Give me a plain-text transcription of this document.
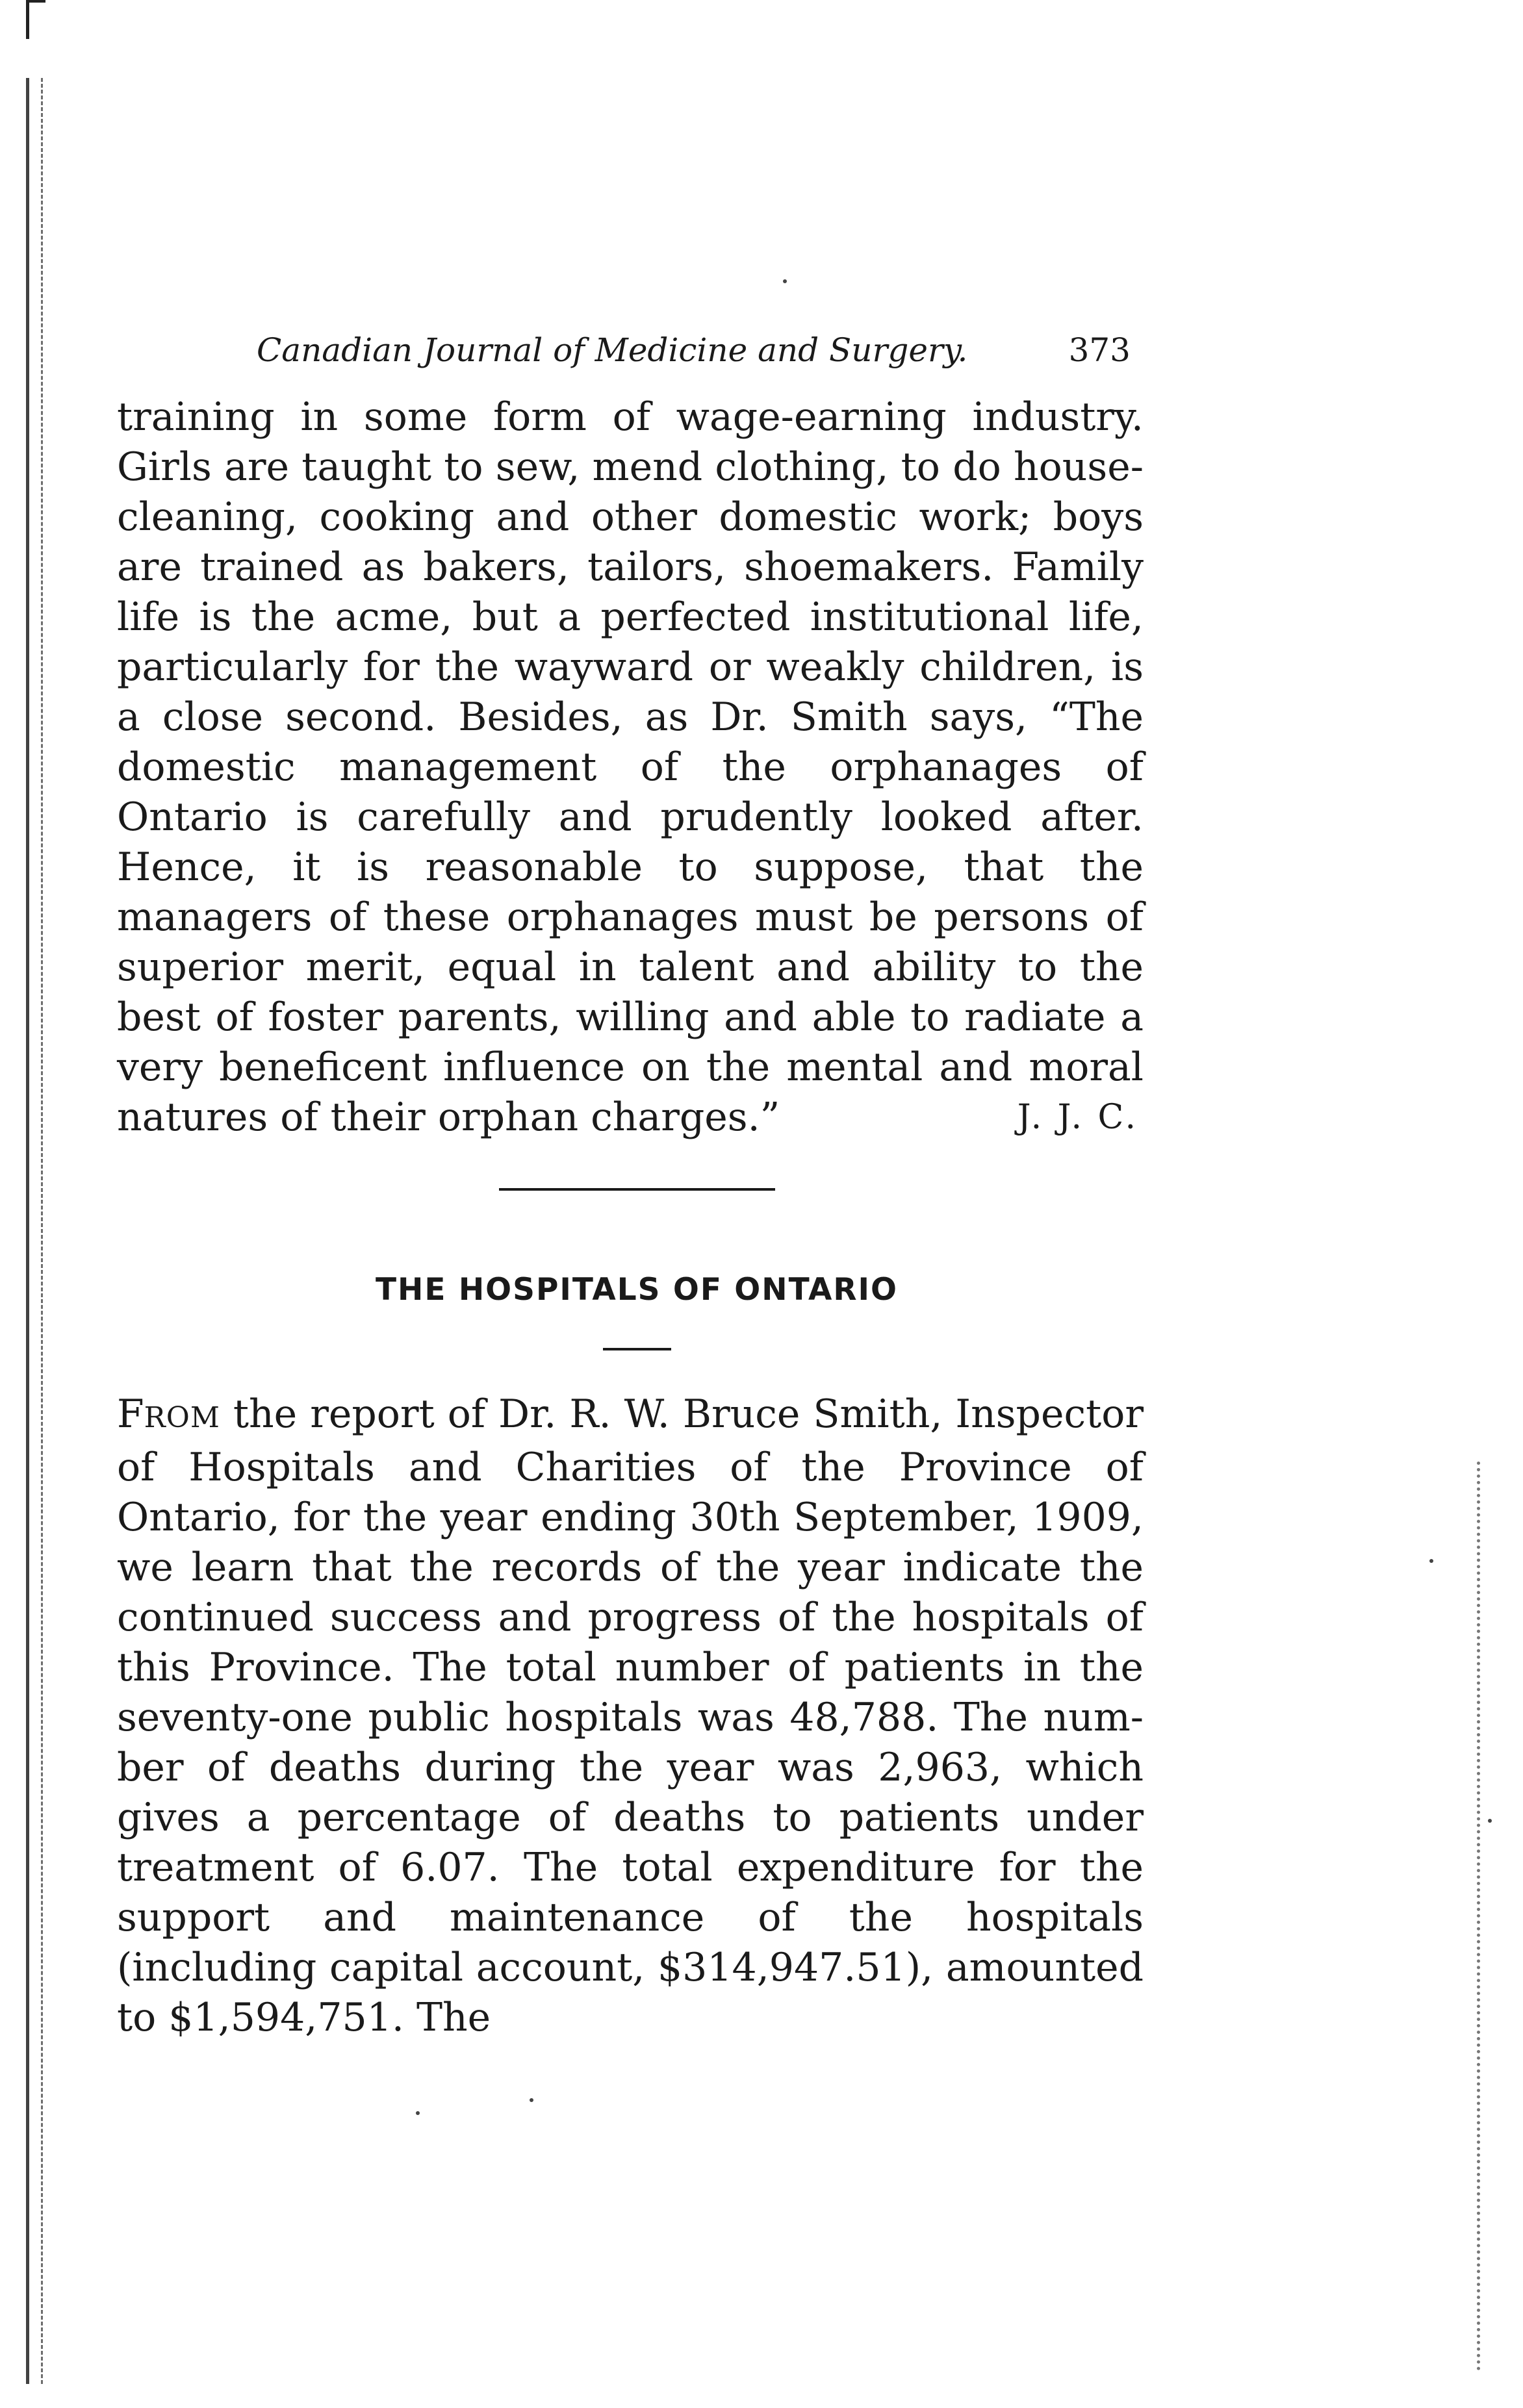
Canadian Journal of Medicine and Surgery.	373

training in some form of wage-earning industry. Girls are taught to sew, mend clothing, to do housecleaning, cooking and other domestic work; boys are trained as bakers, tailors, shoemakers. Family life is the acme, but a perfected institutional life, particularly for the wayward or weakly children, is a close second. Besides, as Dr. Smith says, “The domestic management of the orphanages of Ontario is carefully and prudently looked after. Hence, it is reasonable to suppose, that the managers of these orphanages must be persons of superior merit, equal in talent and ability to the best of foster parents, willing and able to radiate a very beneficent influence on the mental and moral natures of their orphan charges.”	J. J. C.
THE HOSPITALS OF ONTARIO

FROM the report of Dr. R. W. Bruce Smith, Inspector of Hospitals and Charities of the Province of Ontario, for the year ending 30th September, 1909, we learn that the records of the year indicate the continued success and progress of the hospitals of this Province. The total number of patients in the seventy-one public hospitals was 48,788. The number of deaths during the year was 2,963, which gives a percentage of deaths to patients under treatment of 6.07. The total expenditure for the support and maintenance of the hospitals (including capital account, $314,947.51), amounted to $1,594,751. The
